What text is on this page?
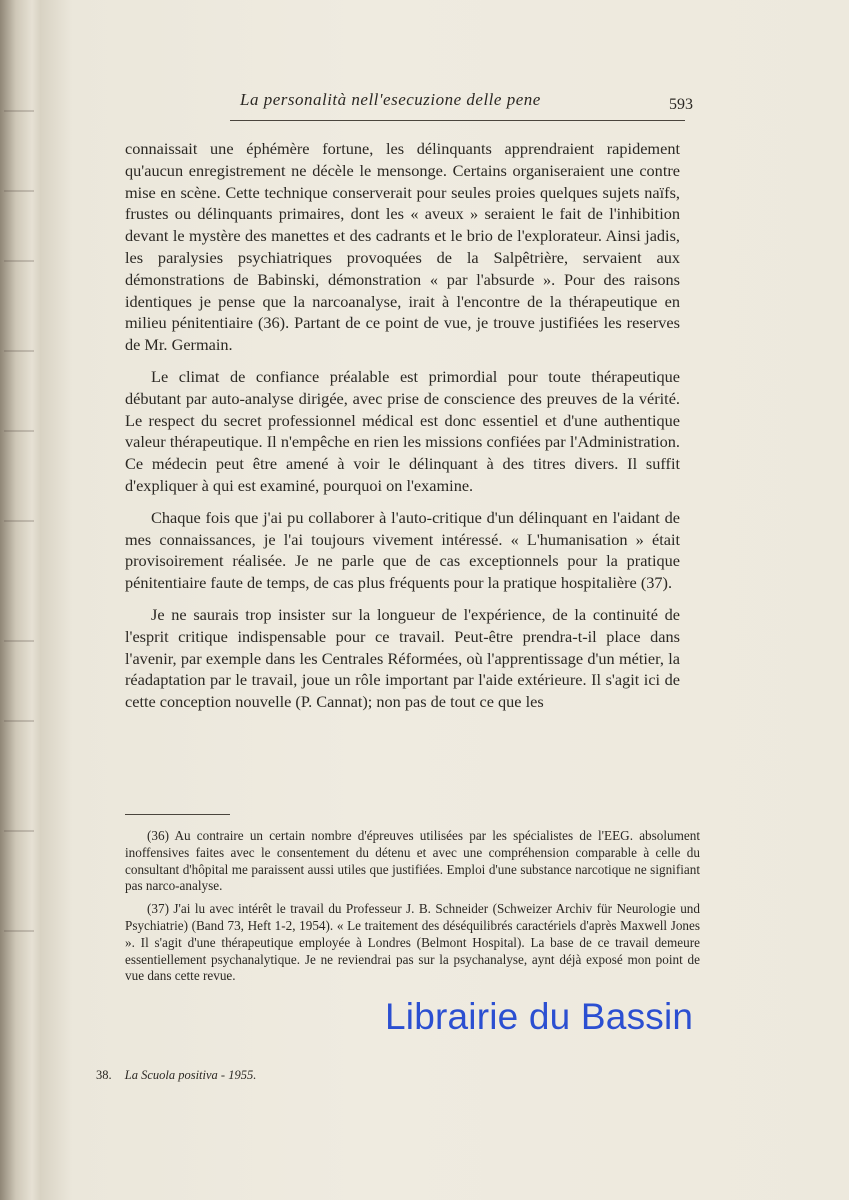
La personalità nell'esecuzione delle pene	593

connaissait une éphémère fortune, les délinquants apprendraient rapidement qu'aucun enregistrement ne décèle le mensonge. Certains organiseraient une contre mise en scène. Cette technique conserverait pour seules proies quelques sujets naïfs, frustes ou délinquants primaires, dont les « aveux » seraient le fait de l'inhibition devant le mystère des manettes et des cadrants et le brio de l'explorateur. Ainsi jadis, les paralysies psychiatriques provoquées de la Salpêtrière, servaient aux démonstrations de Babinski, démonstration « par l'absurde ». Pour des raisons identiques je pense que la narcoanalyse, irait à l'encontre de la thérapeutique en milieu pénitentiaire (36). Partant de ce point de vue, je trouve justifiées les reserves de Mr. Germain.

Le climat de confiance préalable est primordial pour toute thérapeutique débutant par auto-analyse dirigée, avec prise de conscience des preuves de la vérité. Le respect du secret professionnel médical est donc essentiel et d'une authentique valeur thérapeutique. Il n'empêche en rien les missions confiées par l'Administration. Ce médecin peut être amené à voir le délinquant à des titres divers. Il suffit d'expliquer à qui est examiné, pourquoi on l'examine.

Chaque fois que j'ai pu collaborer à l'auto-critique d'un délinquant en l'aidant de mes connaissances, je l'ai toujours vivement intéressé. « L'humanisation » était provisoirement réalisée. Je ne parle que de cas exceptionnels pour la pratique pénitentiaire faute de temps, de cas plus fréquents pour la pratique hospitalière (37).

Je ne saurais trop insister sur la longueur de l'expérience, de la continuité de l'esprit critique indispensable pour ce travail. Peut-être prendra-t-il place dans l'avenir, par exemple dans les Centrales Réformées, où l'apprentissage d'un métier, la réadaptation par le travail, joue un rôle important par l'aide extérieure. Il s'agit ici de cette conception nouvelle (P. Cannat); non pas de tout ce que les

(36) Au contraire un certain nombre d'épreuves utilisées par les spécialistes de l'EEG. absolument inoffensives faites avec le consentement du détenu et avec une compréhension comparable à celle du consultant d'hôpital me paraissent aussi utiles que justifiées. Emploi d'une substance narcotique ne signifiant pas narco-analyse.

(37) J'ai lu avec intérêt le travail du Professeur J. B. Schneider (Schweizer Archiv für Neurologie und Psychiatrie) (Band 73, Heft 1-2, 1954). « Le traitement des déséquilibrés caractériels d'après Maxwell Jones ». Il s'agit d'une thérapeutique employée à Londres (Belmont Hospital). La base de ce travail demeure essentiellement psychanalytique. Je ne reviendrai pas sur la psychanalyse, aynt déjà exposé mon point de vue dans cette revue.

38. La Scuola positiva - 1955.
Librairie du Bassin
